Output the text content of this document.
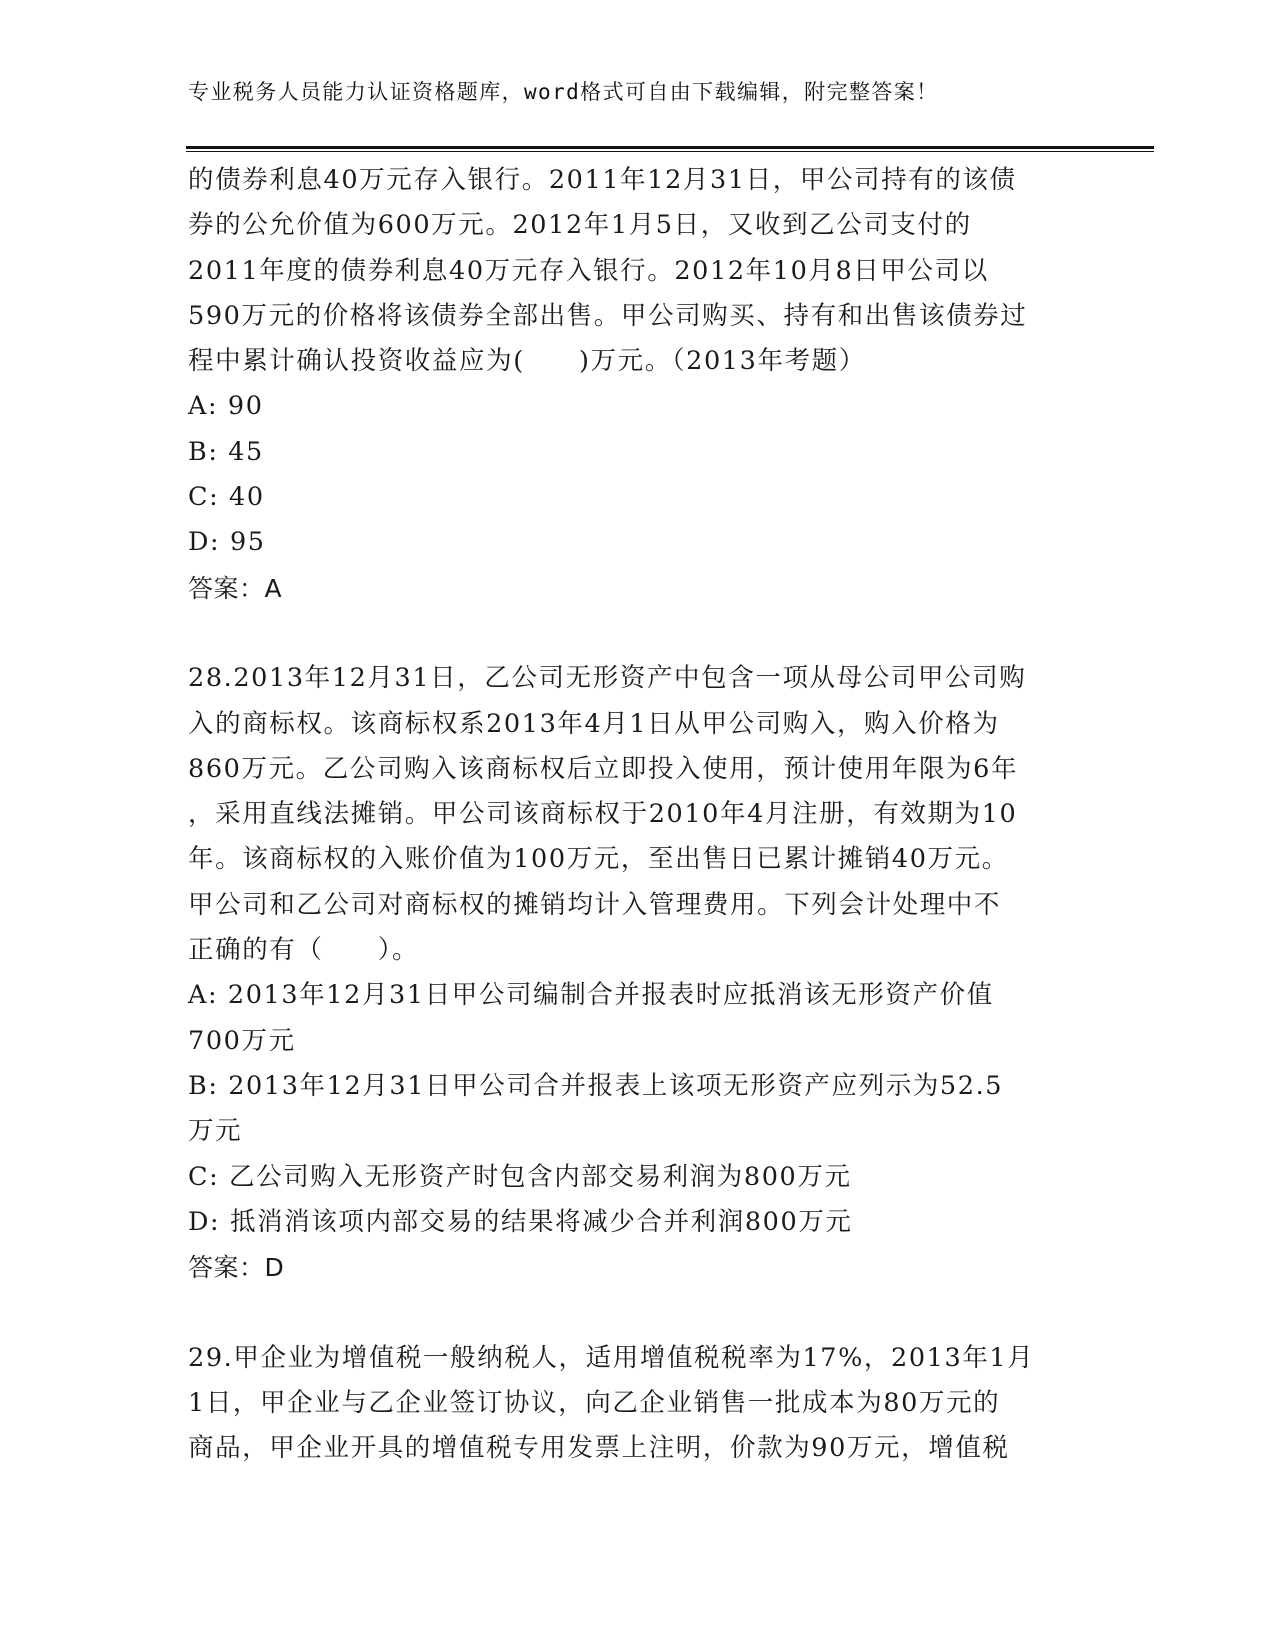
专业税务人员能力认证资格题库，word格式可自由下载编辑，附完整答案！

的债券利息40万元存入银行。2011年12月31日，甲公司持有的该债

券的公允价值为600万元。2012年1月5日，又收到乙公司支付的

2011年度的债券利息40万元存入银行。2012年10月8日甲公司以

590万元的价格将该债券全部出售。甲公司购买、持有和出售该债券过

程中累计确认投资收益应为(　　)万元。（2013年考题）

A: 90

B: 45

C: 40

D: 95

答案：A

28.2013年12月31日，乙公司无形资产中包含一项从母公司甲公司购

入的商标权。该商标权系2013年4月1日从甲公司购入，购入价格为

860万元。乙公司购入该商标权后立即投入使用，预计使用年限为6年

，采用直线法摊销。甲公司该商标权于2010年4月注册，有效期为10

年。该商标权的入账价值为100万元，至出售日已累计摊销40万元。

甲公司和乙公司对商标权的摊销均计入管理费用。下列会计处理中不

正确的有（　　）。

A: 2013年12月31日甲公司编制合并报表时应抵消该无形资产价值

700万元

B: 2013年12月31日甲公司合并报表上该项无形资产应列示为52.5

万元

C: 乙公司购入无形资产时包含内部交易利润为800万元

D: 抵消消该项内部交易的结果将减少合并利润800万元

答案：D

29.甲企业为增值税一般纳税人，适用增值税税率为17%，2013年1月

1日，甲企业与乙企业签订协议，向乙企业销售一批成本为80万元的

商品，甲企业开具的增值税专用发票上注明，价款为90万元，增值税
